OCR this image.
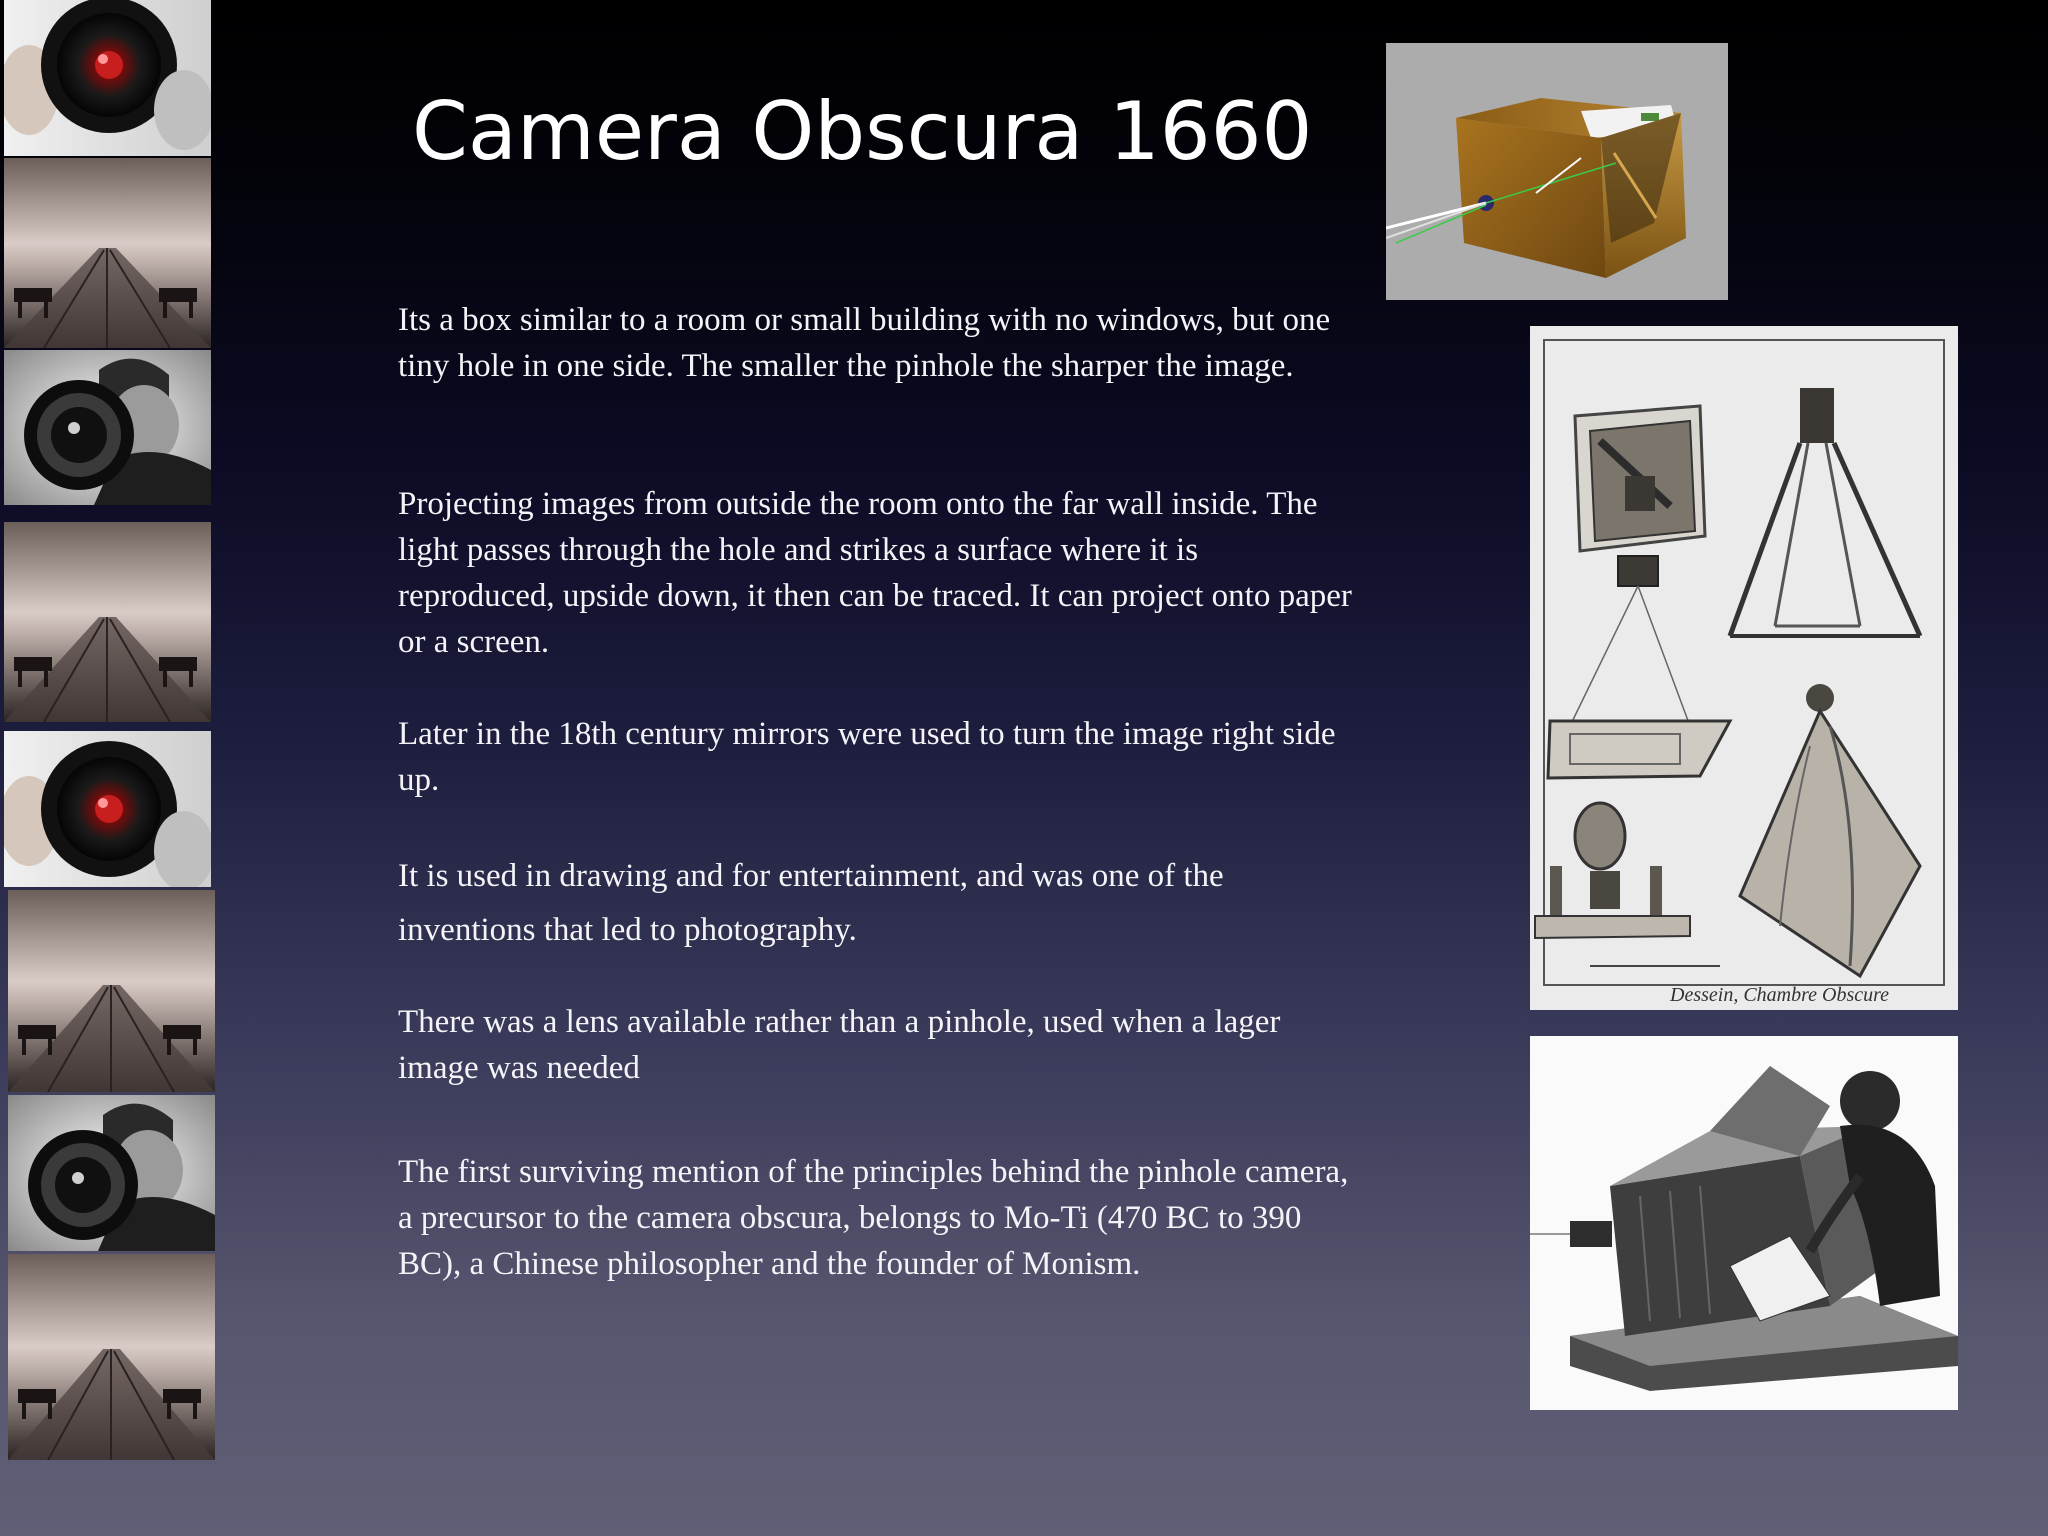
Camera Obscura 1660

Its a box similar to a room or small building with no windows, but one tiny hole in one side. The smaller the pinhole the sharper the image.

Projecting images from outside the room onto the far wall inside. The light passes through the hole and strikes a surface where it is reproduced, upside down, it then can be traced. It can project onto paper or a screen.

Later in the 18th century mirrors were used to turn the image right side up.

It is used in drawing and for entertainment, and was one of the inventions that led to photography.

There was a lens available rather than a pinhole, used when a lager image was needed

The first surviving mention of the principles behind the pinhole camera, a precursor to the camera obscura, belongs to Mo-Ti (470 BC to 390 BC), a Chinese philosopher and the founder of Monism.

Dessein, Chambre Obscure
